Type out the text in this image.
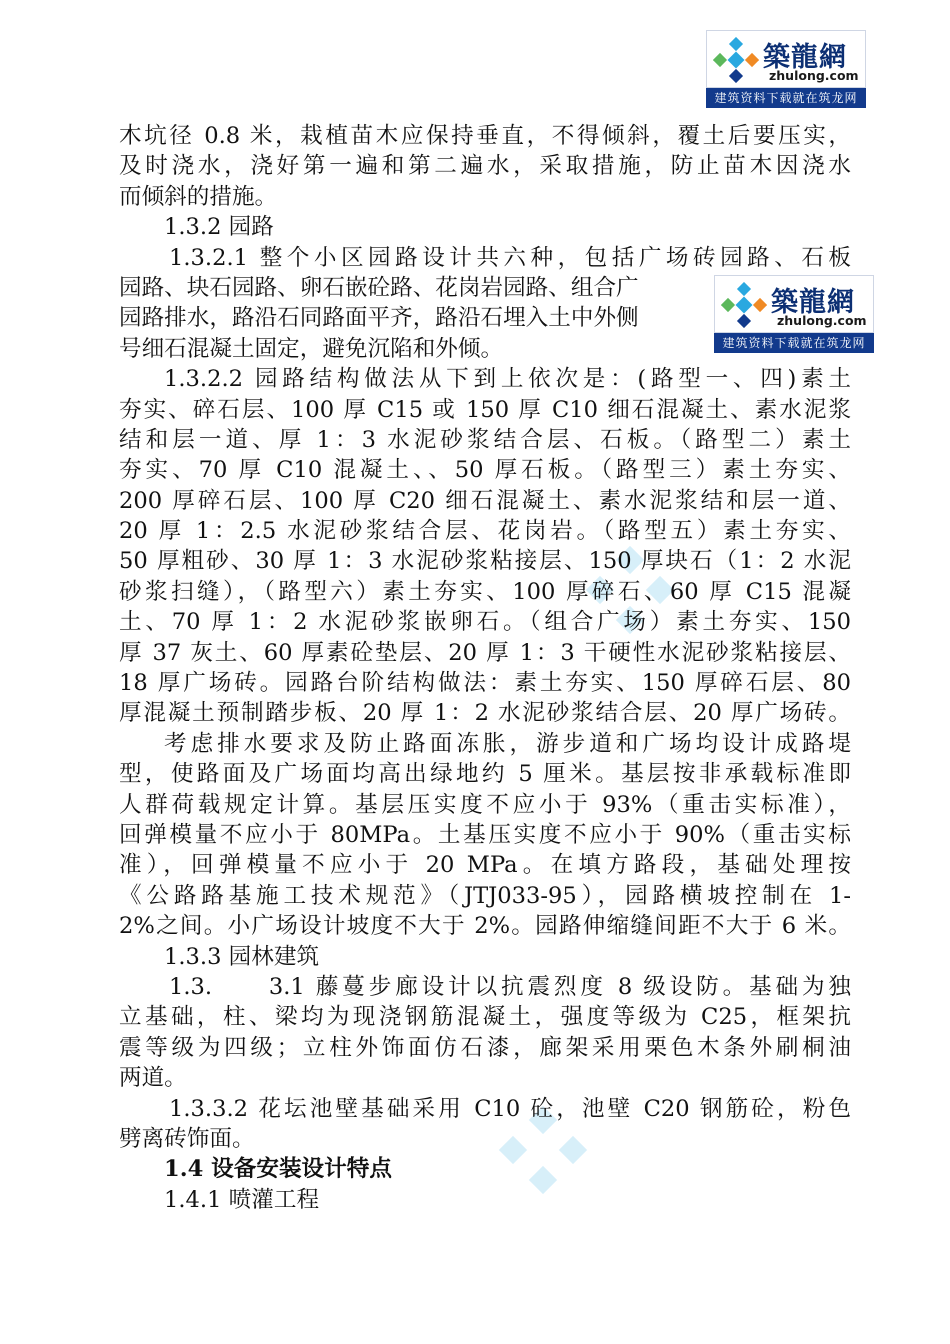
築龍網
zhulong.com
建筑资料下载就在筑龙网
築龍網
zhulong.com
建筑资料下载就在筑龙网
木坑径 0.8 米，栽植苗木应保持垂直，不得倾斜，覆土后要压实，
及时浇水，浇好第一遍和第二遍水，采取措施，防止苗木因浇水
而倾斜的措施。
1.3.2 园路
1.3.2.1 整个小区园路设计共六种，包括广场砖园路、石板
园路、块石园路、卵石嵌砼路、花岗岩园路、组合广
园路排水，路沿石同路面平齐，路沿石埋入土中外侧
号细石混凝土固定，避免沉陷和外倾。
1.3.2.2 园路结构做法从下到上依次是：(路型一、四)素土
夯实、碎石层、100 厚 C15 或 150 厚 C10 细石混凝土、素水泥浆
结和层一道、厚 1：3 水泥砂浆结合层、石板。（路型二）素土
夯实、70 厚 C10 混凝土、、50 厚石板。（路型三）素土夯实、
200 厚碎石层、100 厚 C20 细石混凝土、素水泥浆结和层一道、
20 厚 1：2.5 水泥砂浆结合层、花岗岩。（路型五）素土夯实、
50 厚粗砂、30 厚 1：3 水泥砂浆粘接层、150 厚块石（1：2 水泥
砂浆扫缝），（路型六）素土夯实、100 厚碎石、60 厚 C15 混凝
土、70 厚 1：2 水泥砂浆嵌卵石。（组合广场）素土夯实、150
厚 37 灰土、60 厚素砼垫层、20 厚 1：3 干硬性水泥砂浆粘接层、
18 厚广场砖。园路台阶结构做法：素土夯实、150 厚碎石层、80
厚混凝土预制踏步板、20 厚 1：2 水泥砂浆结合层、20 厚广场砖。
考虑排水要求及防止路面冻胀，游步道和广场均设计成路堤
型，使路面及广场面均高出绿地约 5 厘米。基层按非承载标准即
人群荷载规定计算。基层压实度不应小于 93%（重击实标准），
回弹模量不应小于 80MPa。土基压实度不应小于 90%（重击实标
准），回弹模量不应小于 20 MPa。在填方路段，基础处理按
《公路路基施工技术规范》（JTJ033-95），园路横坡控制在 1-
2%之间。小广场设计坡度不大于 2%。园路伸缩缝间距不大于 6 米。
1.3.3 园林建筑
1.3.　　3.1 藤蔓步廊设计以抗震烈度 8 级设防。基础为独
立基础，柱、梁均为现浇钢筋混凝土，强度等级为 C25，框架抗
震等级为四级；立柱外饰面仿石漆，廊架采用栗色木条外刷桐油
两道。
1.3.3.2 花坛池壁基础采用 C10 砼，池壁 C20 钢筋砼，粉色
劈离砖饰面。
1.4 设备安装设计特点
1.4.1 喷灌工程
